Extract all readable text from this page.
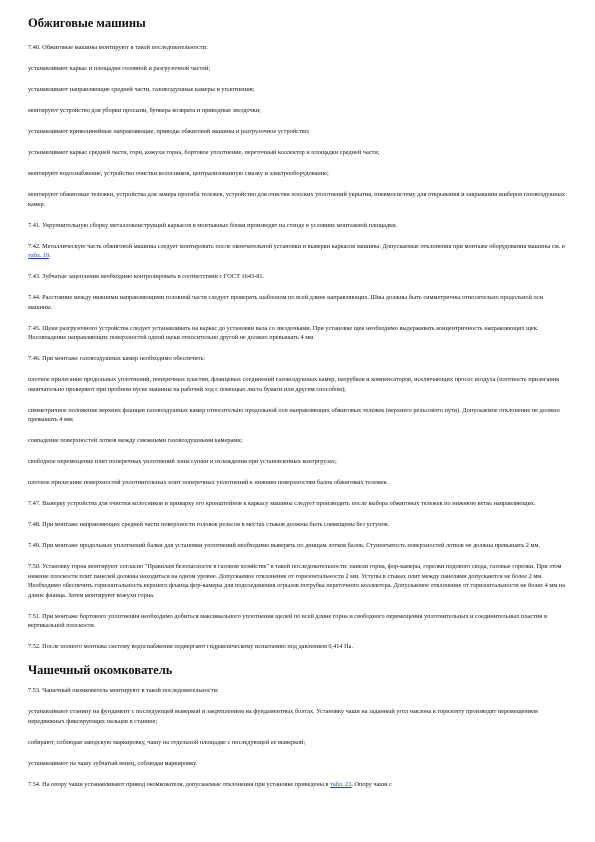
Обжиговые машины

7.40. Обжиговые машины монтируют в такой последовательности:

устанавливают каркас и площадки головной и разгрузочной частей;

устанавливают направляющие средней части, газовоздушные камеры и уплотнения;

монтируют устройство для уборки просыпи, бункера возврата и приводные звездочки;

устанавливают криволинейные направляющие, приводы обжиговой машины и разгрузочное устройство;

устанавливают каркас средней части, горн, кожухи горна, бортовое уплотнение, переточный коллектор и площадки средней части;

монтируют водоснабжение, устройство очистки колосников, централизованную смазку и электрооборудование;

монтируют обжиговые тележки, устройства для замера прогиба тележек, устройство для очистки плоских уплотнений укрытия, пневмосистему для открывания и закрывания шиберов газовоздушных камер.

7.41. Укрупнительную сборку металлоконструкций каркасов в монтажные блоки производят на стенде в условиях монтажной площадки.

7.42. Металлическую часть обжиговой машины следует монтировать после окончательной установки и выверки каркасов машины. Допускаемые отклонения при монтаже оборудования машины см. в табл. 19.

7.43. Зубчатые зацепления необходимо контролировать в соответствии с ГОСТ 1643-81.

7.44. Расстояние между нижними направляющими головной части следует проверять шаблоном по всей длине направляющих. Швы должны быть симметричны относительно продольной оси машины.

7.45. Щеки разгрузочного устройства следует устанавливать на каркас до установки вала со звездочками. При установке щек необходимо выдерживать концентричность направляющих щек. Несовпадение направляющих поверхностей одной щеки относительно другой не должно превышать 4 мм.

7.46. При монтаже газовоздушных камер необходимо обеспечить:

плотное прилегание продольных уплотнений, поперечных пластин, фланцевых соединений газовоздушных камер, патрубков и компенсаторов, исключающих просос воздуха (плотность прилегания окончательно проверяют при пробном пуске машины на рабочий ход с помощью листа бумаги или другим способом);

симметричное положение верхних фланцев газовоздушных камер относительно продольной оси направляющих обжиговых тележек (верхнего рельсового пути). Допускаемое отклонение не должно превышать 4 мм;

совпадение поверхностей лотков между смежными газовоздушными камерами;

свободное перемещение плит поперечных уплотнений зоны сушки и охлаждения при установленных контргрузах;

плотное прилегание поверхностей уплотнительных плит поперечных уплотнений к нижним поверхностям балок обжиговых тележек.

7.47. Выверку устройства для очистки колосников и приварку его кронштейнов к каркасу машины следует производить после выбора обжиговых тележек по нижнюю ветвь направляющих.

7.48. При монтаже направляющих средней части поверхности головок рельсов в местах стыков должны быть совмещены без уступов.

7.49. При монтаже продольных уплотнений балки для установки уплотнений необходимо выверять по днищам лотков балок. Ступенчатость поверхностей лотков не должна превышать 2 мм.

7.50. Установку горна монтируют согласно "Правилам безопасности в газовом хозяйстве" в такой последовательности: панели горна, фор-камеры, горелки подового свода, газовые горелки. При этом нижние плоскости плит панелей должны находиться на одном уровне. Допускаемое отклонение от горизонтальности 2 мм. Уступы в стыках плит между панелями допускаются не более 2 мм. Необходимо обеспечить горизонтальность верхнего фланца фор-камеры для подсоединения огрызов потрубка переточного коллектора. Допускаемое отклонение от горизонтальности не более 4 мм на длине фланца. Затем монтируют кожухи горна.

7.51. При монтаже бортового уплотнения необходимо добиться максимального уплотнения щелей по всей длине горна и свободного перемещения уплотнительных и соединительных пластин в вертикальной плоскости.

7.52. После полного монтажа систему водоснабжения подвергают гидравлическому испытанию под давлением 0,414 Па.

Чашечный окомкователь

7.53. Чашечный окомкователь монтируют в такой последовательности:

устанавливают станину на фундамент с последующей выверкой и закреплением на фундаментных болтах. Установку чаши на заданный угол наклона к горизонту производят перемещением передвижных фиксирующих пальцев в станине;

собирают, соблюдая заводскую маркировку, чашу на отдельной площадке с последующей ее выверкой;

устанавливают на чашу зубчатый венец, соблюдая маркировку.

7.54. На опору чаши устанавливают привод окомкователя, допускаемые отклонения при установке приведены в табл. 23. Опору чаши с
